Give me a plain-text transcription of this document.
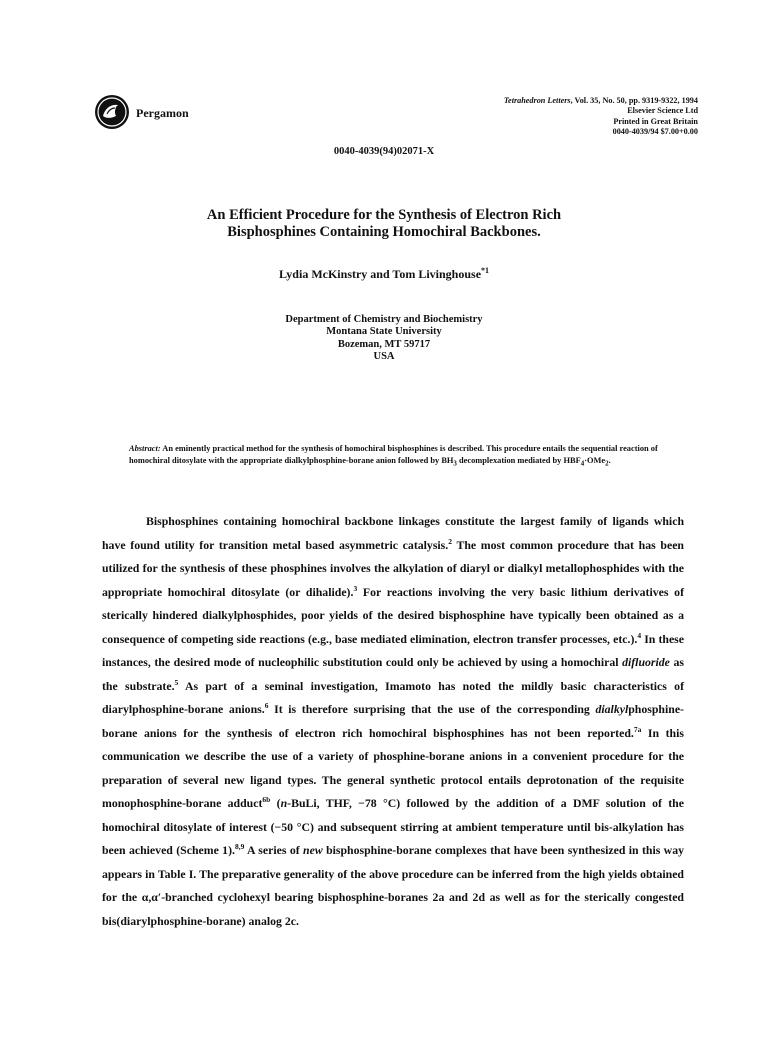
Pergamon
Tetrahedron Letters, Vol. 35, No. 50, pp. 9319-9322, 1994
Elsevier Science Ltd
Printed in Great Britain
0040-4039/94 $7.00+0.00
0040-4039(94)02071-X
An Efficient Procedure for the Synthesis of Electron Rich
Bisphosphines Containing Homochiral Backbones.
Lydia McKinstry and Tom Livinghouse$^{*1}$
Department of Chemistry and Biochemistry
Montana State University
Bozeman, MT 59717
USA
Abstract: An eminently practical method for the synthesis of homochiral bisphosphines is described. This procedure entails the sequential reaction of homochiral ditosylate with the appropriate dialkylphosphine-borane anion followed by $BH_3$ decomplexation mediated by $HBF_4\cdot OMe_2$.

Bisphosphines containing homochiral backbone linkages constitute the largest family of ligands which have found utility for transition metal based asymmetric catalysis.$^2$ The most common procedure that has been utilized for the synthesis of these phosphines involves the alkylation of diaryl or dialkyl metallophosphides with the appropriate homochiral ditosylate (or dihalide).$^3$ For reactions involving the very basic lithium derivatives of sterically hindered dialkylphosphides, poor yields of the desired bisphosphine have typically been obtained as a consequence of competing side reactions (e.g., base mediated elimination, electron transfer processes, etc.).$^4$ In these instances, the desired mode of nucleophilic substitution could only be achieved by using a homochiral difluoride as the substrate.$^5$ As part of a seminal investigation, Imamoto has noted the mildly basic characteristics of diarylphosphine-borane anions.$^6$ It is therefore surprising that the use of the corresponding dialkylphosphine-borane anions for the synthesis of electron rich homochiral bisphosphines has not been reported.$^{7a}$ In this communication we describe the use of a variety of phosphine-borane anions in a convenient procedure for the preparation of several new ligand types. The general synthetic protocol entails deprotonation of the requisite monophosphine-borane adduct$^{6b}$ (n-BuLi, THF, −78 °C) followed by the addition of a DMF solution of the homochiral ditosylate of interest (−50 °C) and subsequent stirring at ambient temperature until bis-alkylation has been achieved (Scheme 1).$^{8,9}$ A series of new bisphosphine-borane complexes that have been synthesized in this way appears in Table I. The preparative generality of the above procedure can be inferred from the high yields obtained for the α,α′-branched cyclohexyl bearing bisphosphine-boranes 2a and 2d as well as for the sterically congested bis(diarylphosphine-borane) analog 2c.
